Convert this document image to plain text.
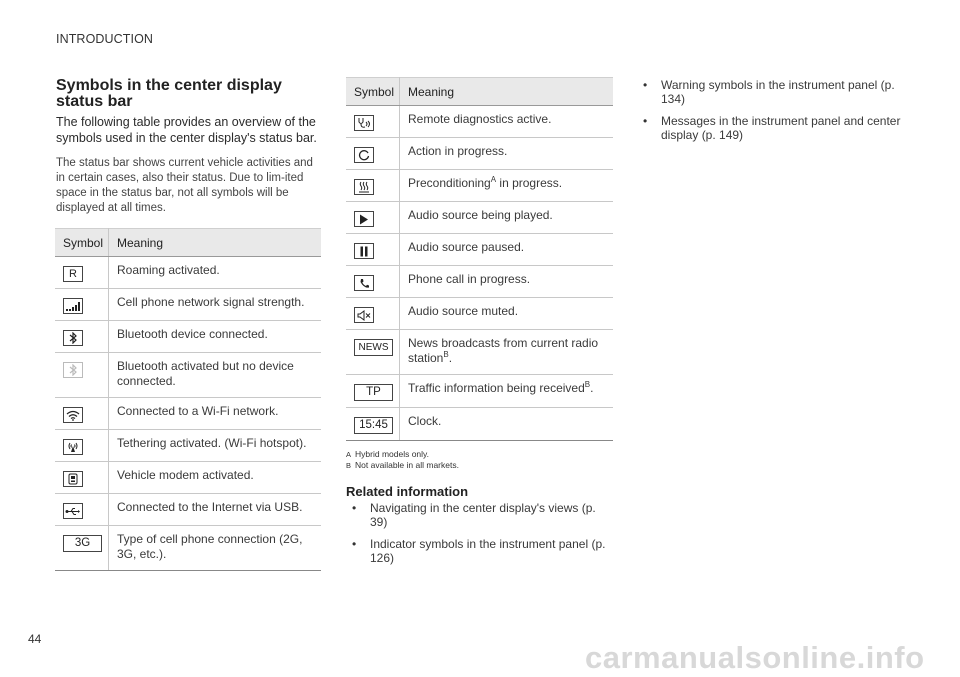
INTRODUCTION
44
Symbols in the center display status bar

The following table provides an overview of the symbols used in the center display's status bar.

The status bar shows current vehicle activities and in certain cases, also their status. Due to lim-ited space in the status bar, not all symbols will be displayed at all times.

Symbol	Meaning

R	Roaming activated.

	Cell phone network signal strength.

	Bluetooth device connected.

	Bluetooth activated but no device connected.

	Connected to a Wi-Fi network.

	Tethering activated. (Wi-Fi hotspot).

	Vehicle modem activated.

	Connected to the Internet via USB.

3G	Type of cell phone connection (2G, 3G, etc.).
Symbol	Meaning

	Remote diagnostics active.

	Action in progress.

	Preconditioning$^A$ in progress.

	Audio source being played.

	Audio source paused.

	Phone call in progress.

	Audio source muted.

NEWS	News broadcasts from current radio station$^B$.

TP	Traffic information being received$^B$.

15:45	Clock.
A Hybrid models only.
B Not available in all markets.
Related information
• Navigating in the center display's views (p. 39)
• Indicator symbols in the instrument panel (p. 126)
• Warning symbols in the instrument panel (p. 134)
• Messages in the instrument panel and center display (p. 149)
carmanualsonline.info
